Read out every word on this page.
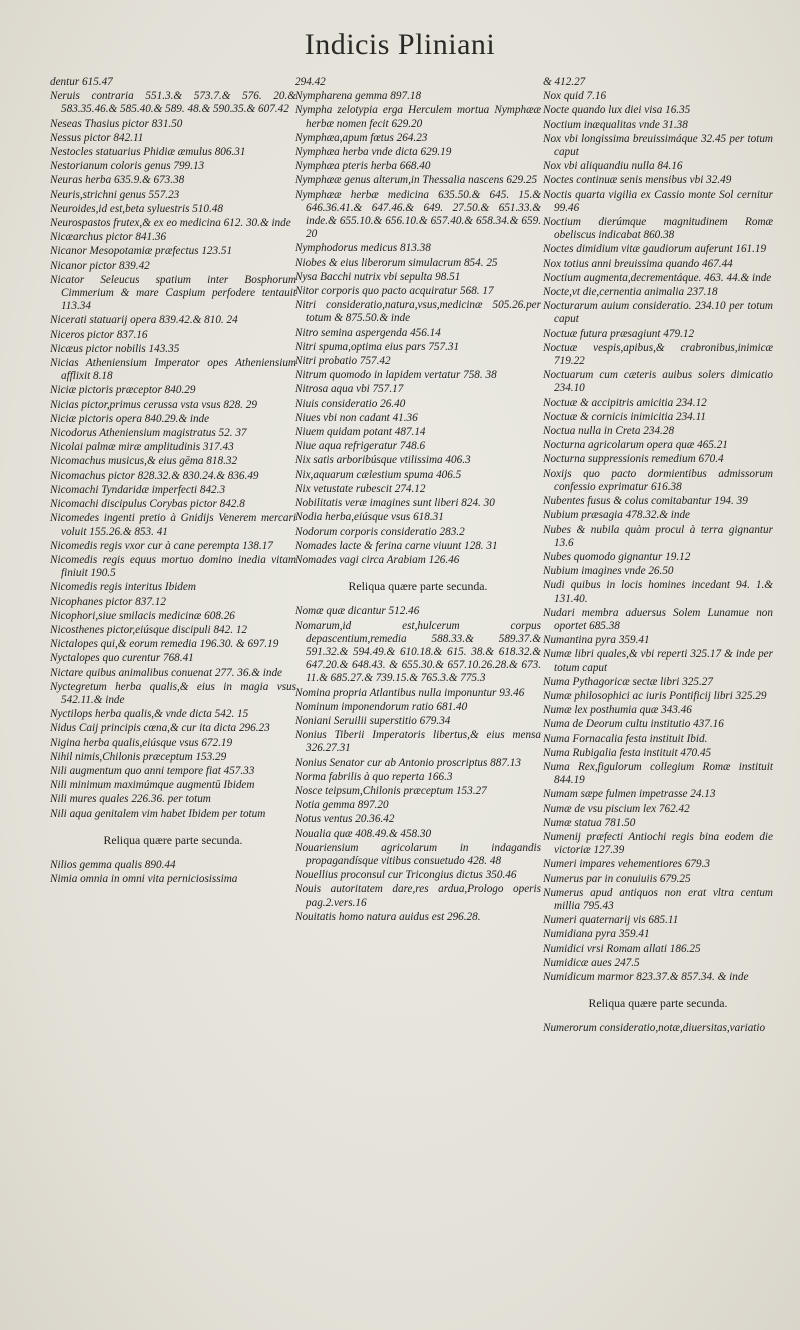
Indicis Pliniani
dentur 615.47
Neruis contraria 551.3.& 573.7.& 576. 20.& 583.35.46.& 585.40.& 589. 48.& 590.35.& 607.42
Neseas Thasius pictor 831.50
Nessus pictor 842.11
Nestocles statuarius Phidiæ æmulus 806.31
Nestorianum coloris genus 799.13
Neuras herba 635.9.& 673.38
Neuris,strichni genus 557.23
Neuroides,id est,beta syluestris 510.48
Neurospastos frutex,& ex eo medicina 612. 30.& inde
Nicæarchus pictor 841.36
Nicanor Mesopotamiæ præfectus 123.51
Nicanor pictor 839.42
Nicator Seleucus spatium inter Bosphorum Cimmerium & mare Caspium perfodere tentauit 113.34
Nicerati statuarij opera 839.42.& 810. 24
Niceros pictor 837.16
Nicæus pictor nobilis 143.35
Nicias Atheniensium Imperator opes Atheniensium afflixit 8.18
Niciæ pictoris præceptor 840.29
Nicias pictor,primus cerussa vsta vsus 828. 29
Niciæ pictoris opera 840.29.& inde
Nicodorus Atheniensium magistratus 52. 37
Nicolai palmæ miræ amplitudinis 317.43
Nicomachus musicus,& eius gēma 818.32
Nicomachus pictor 828.32.& 830.24.& 836.49
Nicomachi Tyndaridæ imperfecti 842.3
Nicomachi discipulus Corybas pictor 842.8
Nicomedes ingenti pretio à Gnidijs Venerem mercari voluit 155.26.& 853. 41
Nicomedis regis vxor cur à cane perempta 138.17
Nicomedis regis equus mortuo domino inedia vitam finiuit 190.5
Nicomedis regis interitus Ibidem
Nicophanes pictor 837.12
Nicophori,siue smilacis medicinæ 608.26
Nicosthenes pictor,eiúsque discipuli 842. 12
Nictalopes qui,& eorum remedia 196.30. & 697.19
Nyctalopes quo curentur 768.41
Nictare quibus animalibus conuenat 277. 36.& inde
Nyctegretum herba qualis,& eius in magia vsus 542.11.& inde
Nyctilops herba qualis,& vnde dicta 542. 15
Nidus Caij principis cœna,& cur ita dicta 296.23
Nigina herba qualis,eiúsque vsus 672.19
Nihil nimis,Chilonis præceptum 153.29
Nili augmentum quo anni tempore fiat 457.33
Nili minimum maximúmque augmentū Ibidem
Nili mures quales 226.36. per totum
Nili aqua genitalem vim habet Ibidem per totum
Reliqua quære parte secunda.
Nilios gemma qualis 890.44
Nimia omnia in omni vita perniciosissima
294.42
Nympharena gemma 897.18
Nympha zelotypia erga Herculem mortua Nymphææ herbæ nomen fecit 629.20
Nymphæa,apum fœtus 264.23
Nymphæa herba vnde dicta 629.19
Nymphæa pteris herba 668.40
Nymphææ genus alterum,in Thessalia nascens 629.25
Nymphææ herbæ medicina 635.50.& 645. 15.& 646.36.41.& 647.46.& 649. 27.50.& 651.33.& inde.& 655.10.& 656.10.& 657.40.& 658.34.& 659. 20
Nymphodorus medicus 813.38
Niobes & eius liberorum simulacrum 854. 25
Nysa Bacchi nutrix vbi sepulta 98.51
Nitor corporis quo pacto acquiratur 568. 17
Nitri consideratio,natura,vsus,medicinæ 505.26.per totum & 875.50.& inde
Nitro semina aspergenda 456.14
Nitri spuma,optima eius pars 757.31
Nitri probatio 757.42
Nitrum quomodo in lapidem vertatur 758. 38
Nitrosa aqua vbi 757.17
Niuis consideratio 26.40
Niues vbi non cadant 41.36
Niuem quidam potant 487.14
Niue aqua refrigeratur 748.6
Nix satis arboribúsque vtilissima 406.3
Nix,aquarum cælestium spuma 406.5
Nix vetustate rubescit 274.12
Nobilitatis veræ imagines sunt liberi 824. 30
Nodia herba,eiúsque vsus 618.31
Nodorum corporis consideratio 283.2
Nomades lacte & ferina carne viuunt 128. 31
Nomades vagi circa Arabiam 126.46
Reliqua quære parte secunda.
Nomæ quæ dicantur 512.46
Nomarum,id est,hulcerum corpus depascentium,remedia 588.33.& 589.37.& 591.32.& 594.49.& 610.18.& 615. 38.& 618.32.& 647.20.& 648.43. & 655.30.& 657.10.26.28.& 673. 11.& 685.27.& 739.15.& 765.3.& 775.3
Nomina propria Atlantibus nulla imponuntur 93.46
Nominum imponendorum ratio 681.40
Noniani Seruilii superstitio 679.34
Nonius Tiberii Imperatoris libertus,& eius mensa 326.27.31
Nonius Senator cur ab Antonio proscriptus 887.13
Norma fabrilis à quo reperta 166.3
Nosce teipsum,Chilonis præceptum 153.27
Notia gemma 897.20
Notus ventus 20.36.42
Noualia quæ 408.49.& 458.30
Nouariensium agricolarum in indagandis propagandísque vitibus consuetudo 428. 48
Nouellius proconsul cur Tricongius dictus 350.46
Nouis autoritatem dare,res ardua,Prologo operis pag.2.vers.16
Nouitatis homo natura auidus est 296.28.
& 412.27
Nox quid 7.16
Nocte quando lux diei visa 16.35
Noctium inæqualitas vnde 31.38
Nox vbi longissima breuissimáque 32.45 per totum caput
Nox vbi aliquandiu nulla 84.16
Noctes continuæ senis mensibus vbi 32.49
Noctis quarta vigilia ex Cassio monte Sol cernitur 99.46
Noctium dierúmque magnitudinem Romæ obeliscus indicabat 860.38
Noctes dimidium vitæ gaudiorum auferunt 161.19
Nox totius anni breuissima quando 467.44
Noctium augmenta,decrementáque. 463. 44.& inde
Nocte,vt die,cernentia animalia 237.18
Nocturarum auium consideratio. 234.10 per totum caput
Noctuæ futura præsagiunt 479.12
Noctuæ vespis,apibus,& crabronibus,inimicæ 719.22
Noctuarum cum cæteris auibus solers dimicatio 234.10
Noctuæ & accipitris amicitia 234.12
Noctuæ & cornicis inimicitia 234.11
Noctua nulla in Creta 234.28
Nocturna agricolarum opera quæ 465.21
Nocturna suppressionis remedium 670.4
Noxijs quo pacto dormientibus admissorum confessio exprimatur 616.38
Nubentes fusus & colus comitabantur 194. 39
Nubium præsagia 478.32.& inde
Nubes & nubila quàm procul à terra gignantur 13.6
Nubes quomodo gignantur 19.12
Nubium imagines vnde 26.50
Nudi quibus in locis homines incedant 94. 1.& 131.40.
Nudari membra aduersus Solem Lunamue non oportet 685.38
Numantina pyra 359.41
Numæ libri quales,& vbi reperti 325.17 & inde per totum caput
Numa Pythagoricæ sectæ libri 325.27
Numæ philosophici ac iuris Pontificij libri 325.29
Numæ lex posthumia quæ 343.46
Numa de Deorum cultu institutio 437.16
Numa Fornacalia festa instituit Ibid.
Numa Rubigalia festa instituit 470.45
Numa Rex,figulorum collegium Romæ instituit 844.19
Numam sæpe fulmen impetrasse 24.13
Numæ de vsu piscium lex 762.42
Numæ statua 781.50
Numenij præfecti Antiochi regis bina eodem die victoriæ 127.39
Numeri impares vehementiores 679.3
Numerus par in conuiuiis 679.25
Numerus apud antiquos non erat vltra centum millia 795.43
Numeri quaternarij vis 685.11
Numidiana pyra 359.41
Numidici vrsi Romam allati 186.25
Numidicæ aues 247.5
Numidicum marmor 823.37.& 857.34. & inde
Reliqua quære parte secunda.
Numerorum consideratio,notæ,diuersitas,variatio
